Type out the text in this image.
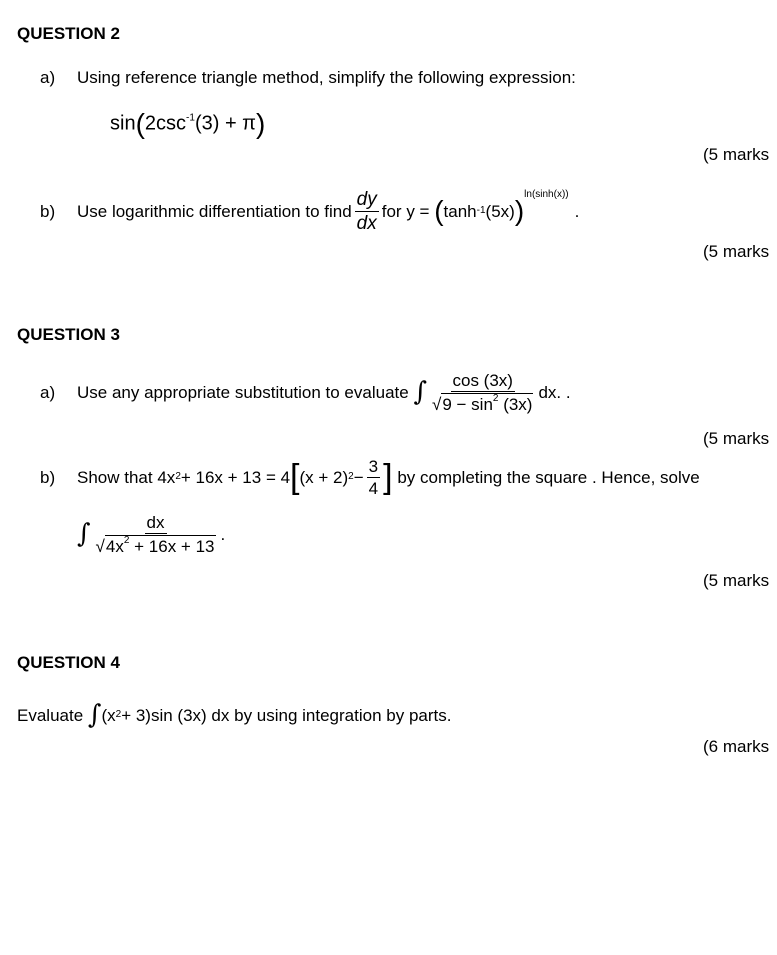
QUESTION 2
a) Using reference triangle method, simplify the following expression:
$\sin(2\csc^{-1}(3) + \pi)$
(5 marks
b) Use logarithmic differentiation to find $\frac{dy}{dx}$ for
y =
( tanh -1 (5x) )
ln(sinh(x))
.
(5 marks
QUESTION 3
a) Use any appropriate substitution to evaluate
∫ $\frac{\cos (3x)}{√9 - \sin^2 (3x)}$ dx. .
(5 marks
b) Show that
4x 2 + 16x + 13 = 4 [ (x + 2) $2 - \frac{3}{4}$ ]
by completing the square . Hence, solve
∫ $\frac{dx}{√4x^2 + 16x + 13}$ .
(5 marks
QUESTION 4
Evaluate
∫ (x 2 + 3)sin (3x) dx
by using integration by parts.
(6 marks
